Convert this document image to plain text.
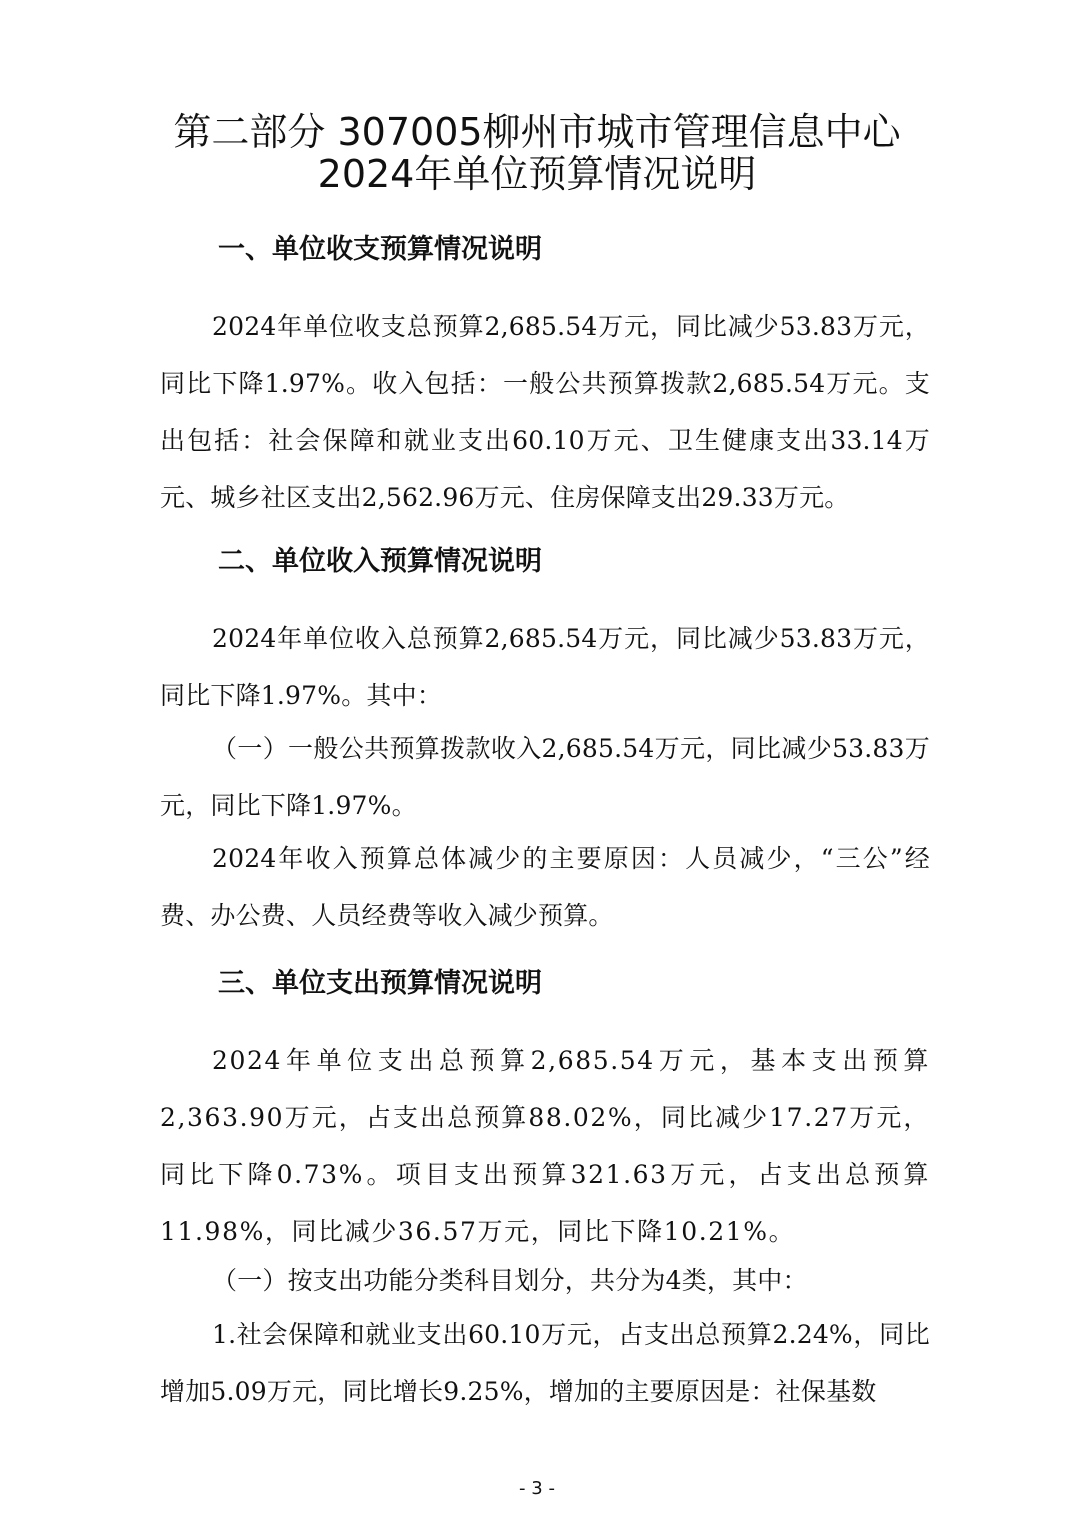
第二部分 307005柳州市城市管理信息中心
2024年单位预算情况说明
一、单位收支预算情况说明

2024年单位收支总预算2,685.54万元，同比减少53.83万元，同比下降1.97%。收入包括：一般公共预算拨款2,685.54万元。支出包括：社会保障和就业支出60.10万元、卫生健康支出33.14万元、城乡社区支出2,562.96万元、住房保障支出29.33万元。

二、单位收入预算情况说明

2024年单位收入总预算2,685.54万元，同比减少53.83万元，同比下降1.97%。其中：

（一）一般公共预算拨款收入2,685.54万元，同比减少53.83万元，同比下降1.97%。

2024年收入预算总体减少的主要原因：人员减少，“三公”经费、办公费、人员经费等收入减少预算。

三、单位支出预算情况说明

2024年单位支出总预算2,685.54万元，基本支出预算2,363.90万元，占支出总预算88.02%，同比减少17.27万元，同比下降0.73%。项目支出预算321.63万元，占支出总预算11.98%，同比减少36.57万元，同比下降10.21%。

（一）按支出功能分类科目划分，共分为4类，其中：

1.社会保障和就业支出60.10万元，占支出总预算2.24%，同比增加5.09万元，同比增长9.25%，增加的主要原因是：社保基数

- 3 -
